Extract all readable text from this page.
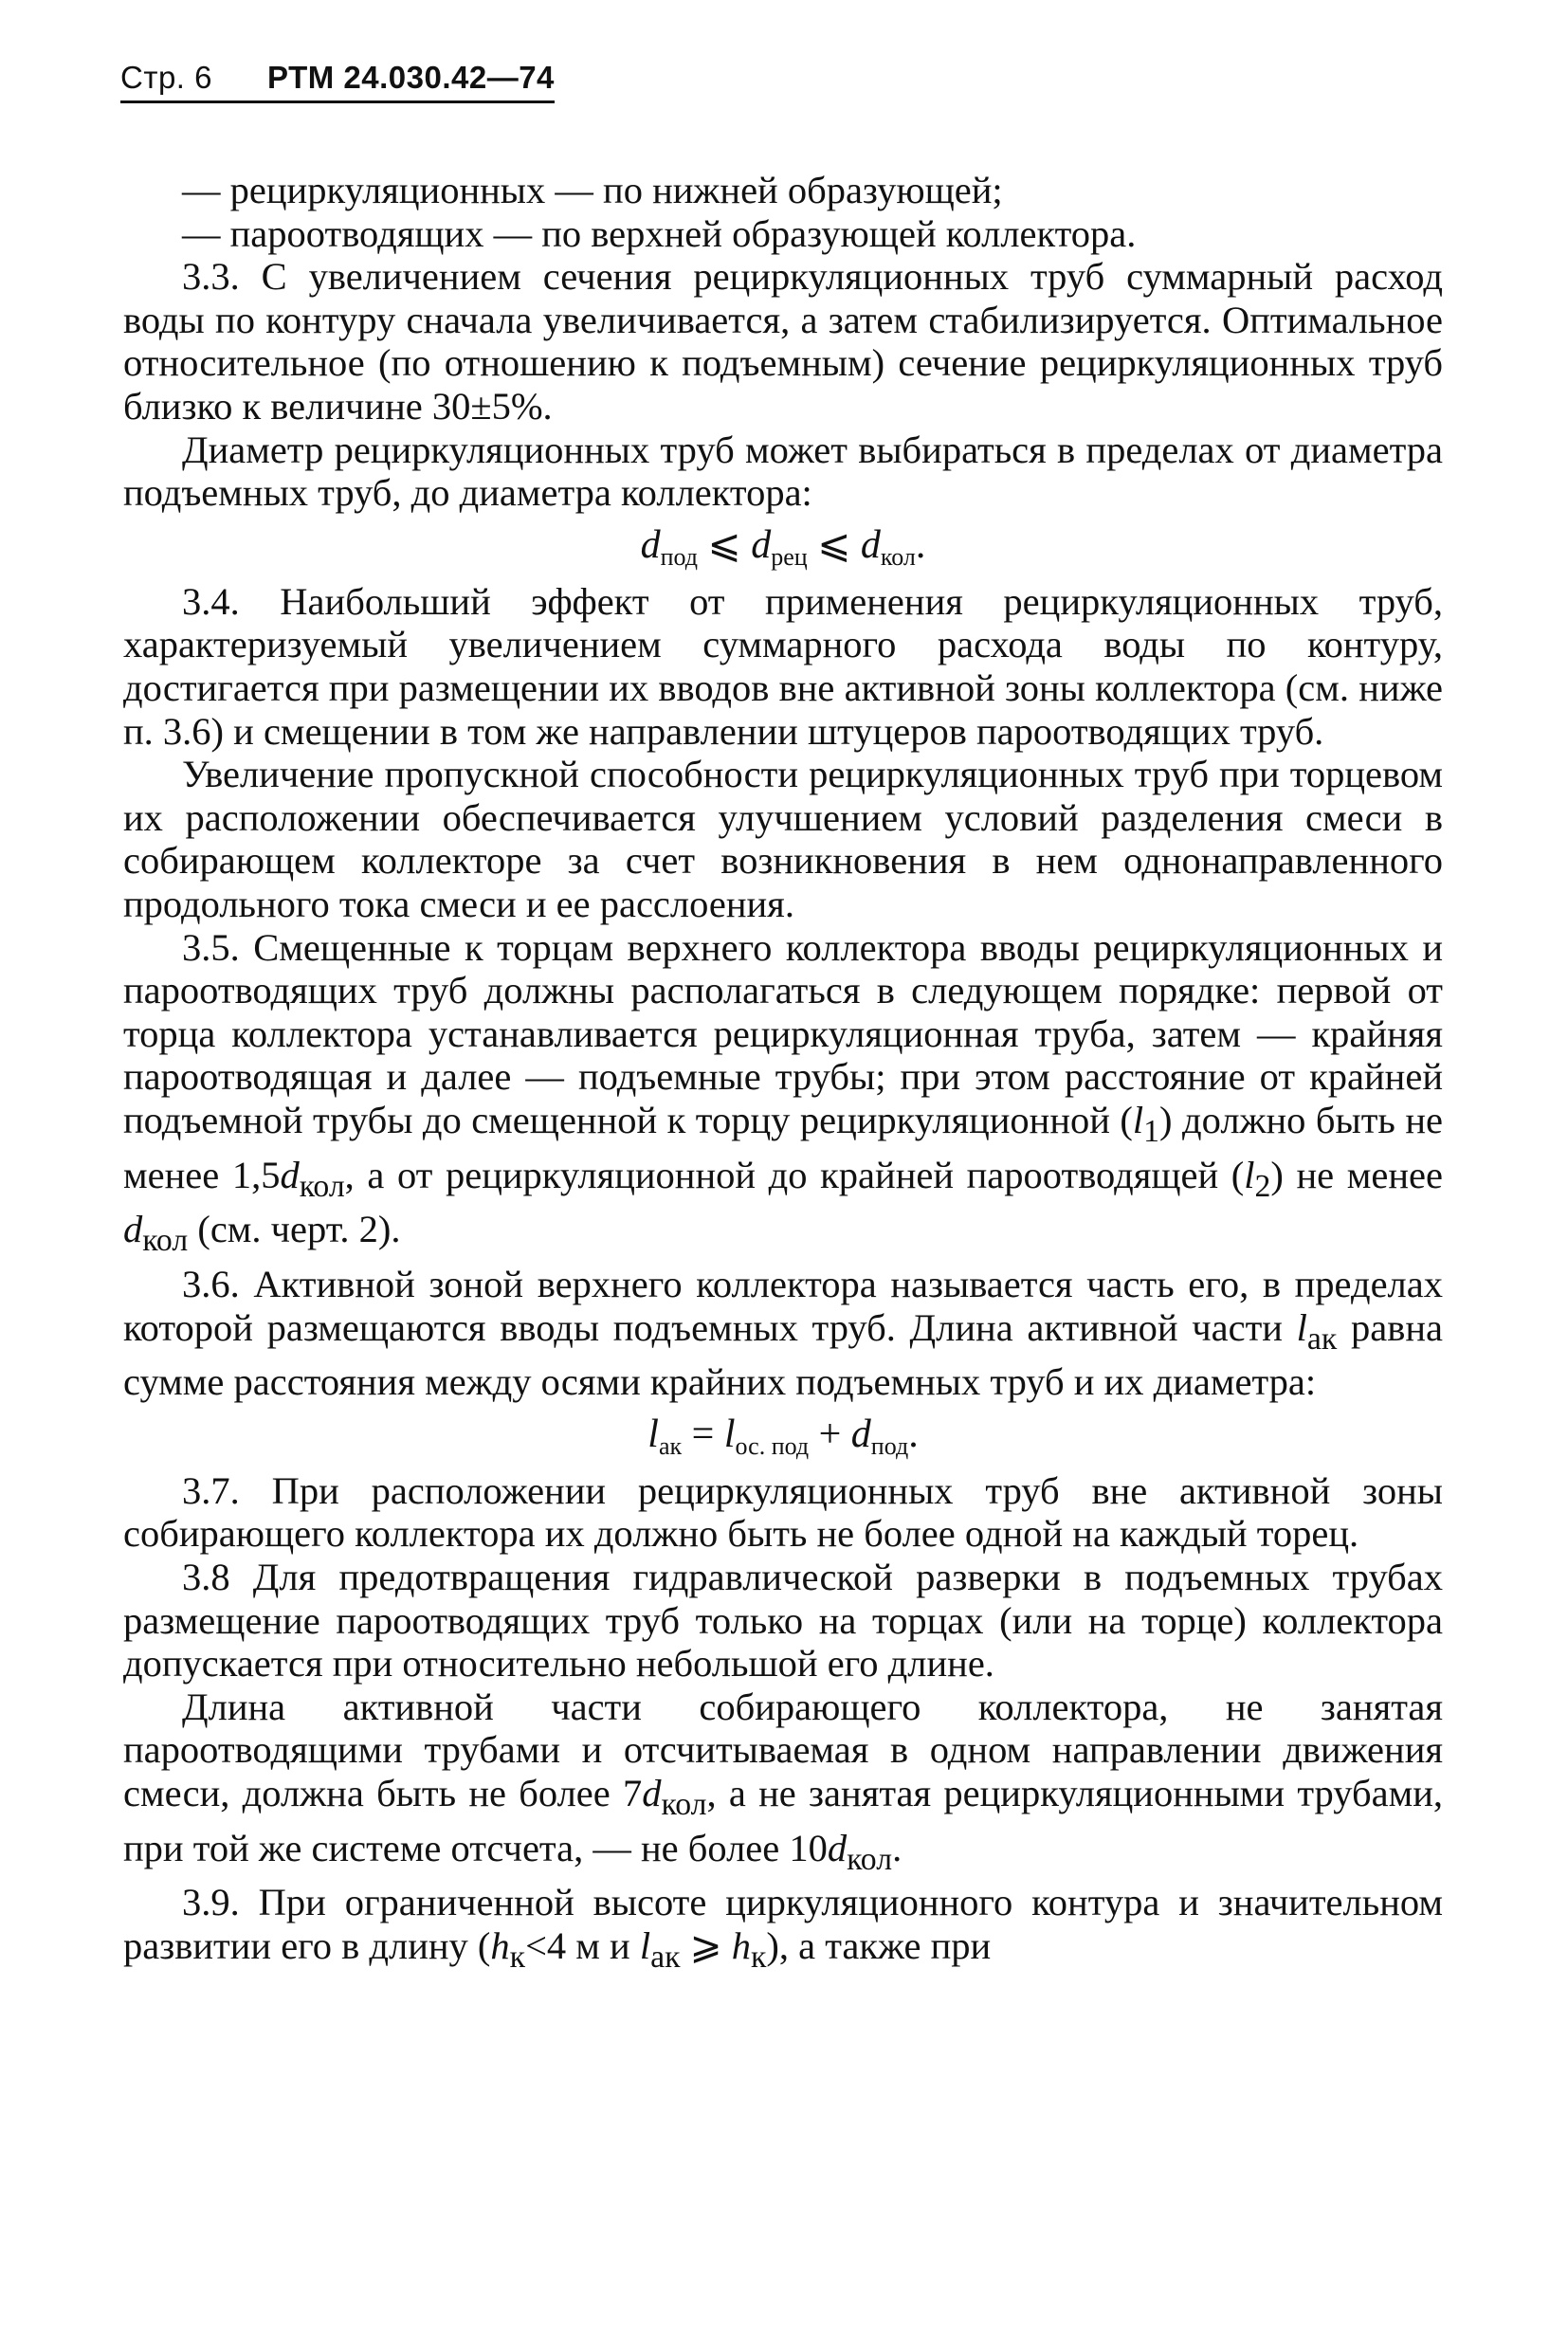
Стр. 6 РТМ 24.030.42—74

— рециркуляционных — по нижней образующей;

— пароотводящих — по верхней образующей коллектора.

3.3. С увеличением сечения рециркуляционных труб суммарный расход воды по контуру сначала увеличивается, а затем стабилизируется. Оптимальное относительное (по отношению к подъемным) сечение рециркуляционных труб близко к величине 30±5%.

Диаметр рециркуляционных труб может выбираться в пределах от диаметра подъемных труб, до диаметра коллектора:

$d_{под}$ ⩽ $d_{рец}$ ⩽ $d_{кол}$.

3.4. Наибольший эффект от применения рециркуляционных труб, характеризуемый увеличением суммарного расхода воды по контуру, достигается при размещении их вводов вне активной зоны коллектора (см. ниже п. 3.6) и смещении в том же направлении штуцеров пароотводящих труб.

Увеличение пропускной способности рециркуляционных труб при торцевом их расположении обеспечивается улучшением условий разделения смеси в собирающем коллекторе за счет возникновения в нем однонаправленного продольного тока смеси и ее расслоения.

3.5. Смещенные к торцам верхнего коллектора вводы рециркуляционных и пароотводящих труб должны располагаться в следующем порядке: первой от торца коллектора устанавливается рециркуляционная труба, затем — крайняя пароотводящая и далее — подъемные трубы; при этом расстояние от крайней подъемной трубы до смещенной к торцу рециркуляционной $(l_1)$ должно быть не менее $1,5d_{кол}$, а от рециркуляционной до крайней пароотводящей $(l_2)$ не менее $d_{кол}$ (см. черт. 2).

3.6. Активной зоной верхнего коллектора называется часть его, в пределах которой размещаются вводы подъемных труб. Длина активной части $l_{ак}$ равна сумме расстояния между осями крайних подъемных труб и их диаметра:

$l_{ак} = l_{ос. под} + d_{под}$.

3.7. При расположении рециркуляционных труб вне активной зоны собирающего коллектора их должно быть не более одной на каждый торец.

3.8 Для предотвращения гидравлической разверки в подъемных трубах размещение пароотводящих труб только на торцах (или на торце) коллектора допускается при относительно небольшой его длине.

Длина активной части собирающего коллектора, не занятая пароотводящими трубами и отсчитываемая в одном направлении движения смеси, должна быть не более $7d_{кол}$, а не занятая рециркуляционными трубами, при той же системе отсчета, — не более $10d_{кол}$.

3.9. При ограниченной высоте циркуляционного контура и значительном развитии его в длину ($h_к<4$ м и $l_{ак}$ ⩾ $h_к$), а также при
